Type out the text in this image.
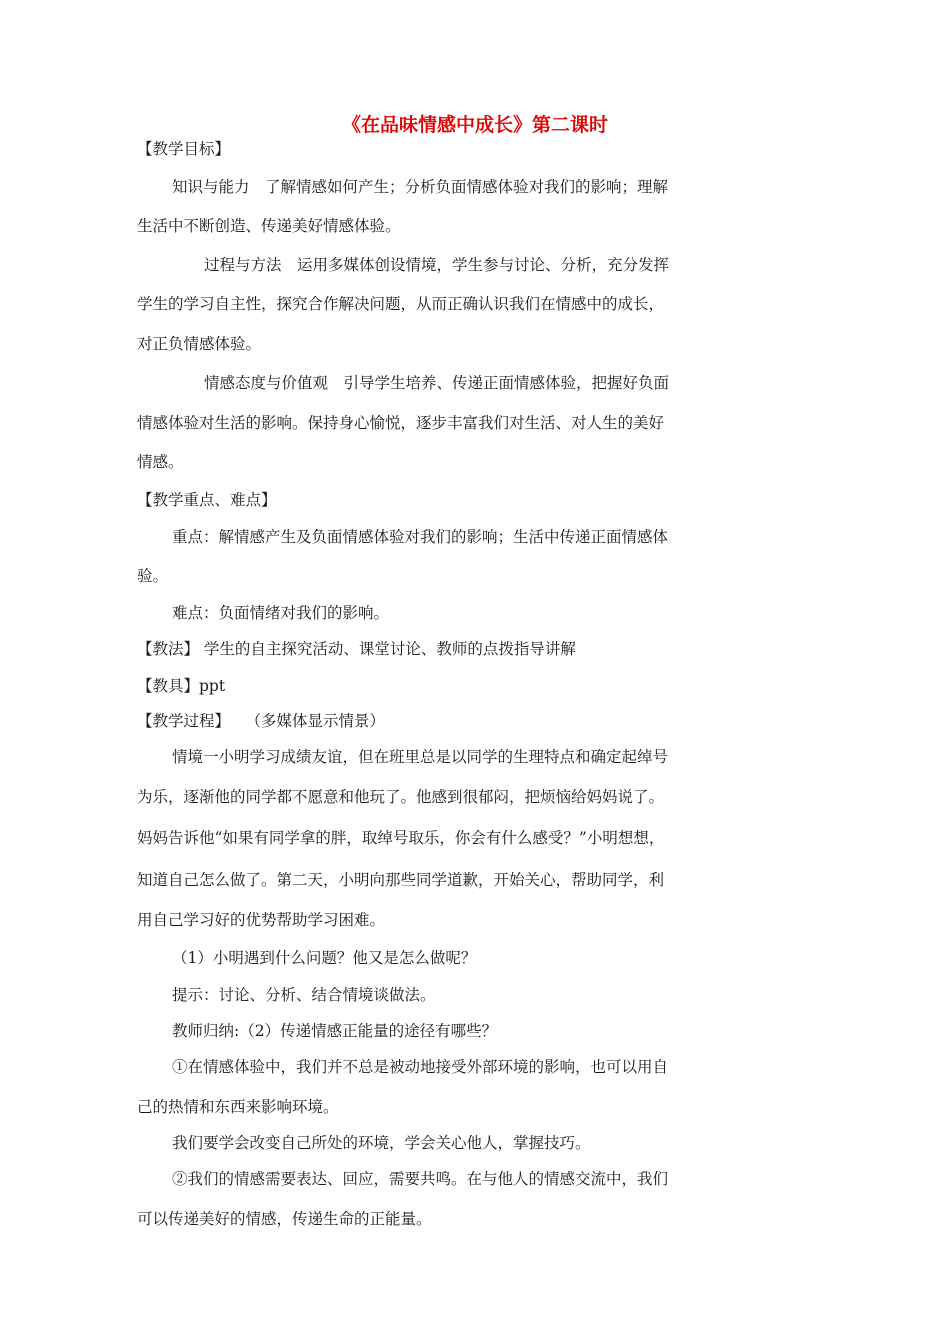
《在品味情感中成长》第二课时
【教学目标】
知识与能力　了解情感如何产生；分析负面情感体验对我们的影响；理解
生活中不断创造、传递美好情感体验。
过程与方法　运用多媒体创设情境，学生参与讨论、分析，充分发挥
学生的学习自主性，探究合作解决问题，从而正确认识我们在情感中的成长，
对正负情感体验。
情感态度与价值观　引导学生培养、传递正面情感体验，把握好负面
情感体验对生活的影响。保持身心愉悦，逐步丰富我们对生活、对人生的美好
情感。
【教学重点、难点】
重点：解情感产生及负面情感体验对我们的影响；生活中传递正面情感体
验。
难点：负面情绪对我们的影响。
【教法】 学生的自主探究活动、课堂讨论、教师的点拨指导讲解
【教具】ppt
【教学过程】　　（多媒体显示情景）
情境一小明学习成绩友谊，但在班里总是以同学的生理特点和确定起绰号
为乐，逐渐他的同学都不愿意和他玩了。他感到很郁闷，把烦恼给妈妈说了。
妈妈告诉他“如果有同学拿的胖，取绰号取乐，你会有什么感受？”小明想想，
知道自己怎么做了。第二天，小明向那些同学道歉，开始关心，帮助同学，利
用自己学习好的优势帮助学习困难。
（1）小明遇到什么问题？他又是怎么做呢？
提示：讨论、分析、结合情境谈做法。
教师归纳:（2）传递情感正能量的途径有哪些？
①在情感体验中，我们并不总是被动地接受外部环境的影响，也可以用自
己的热情和东西来影响环境。
我们要学会改变自己所处的环境，学会关心他人，掌握技巧。
②我们的情感需要表达、回应，需要共鸣。在与他人的情感交流中，我们
可以传递美好的情感，传递生命的正能量。
